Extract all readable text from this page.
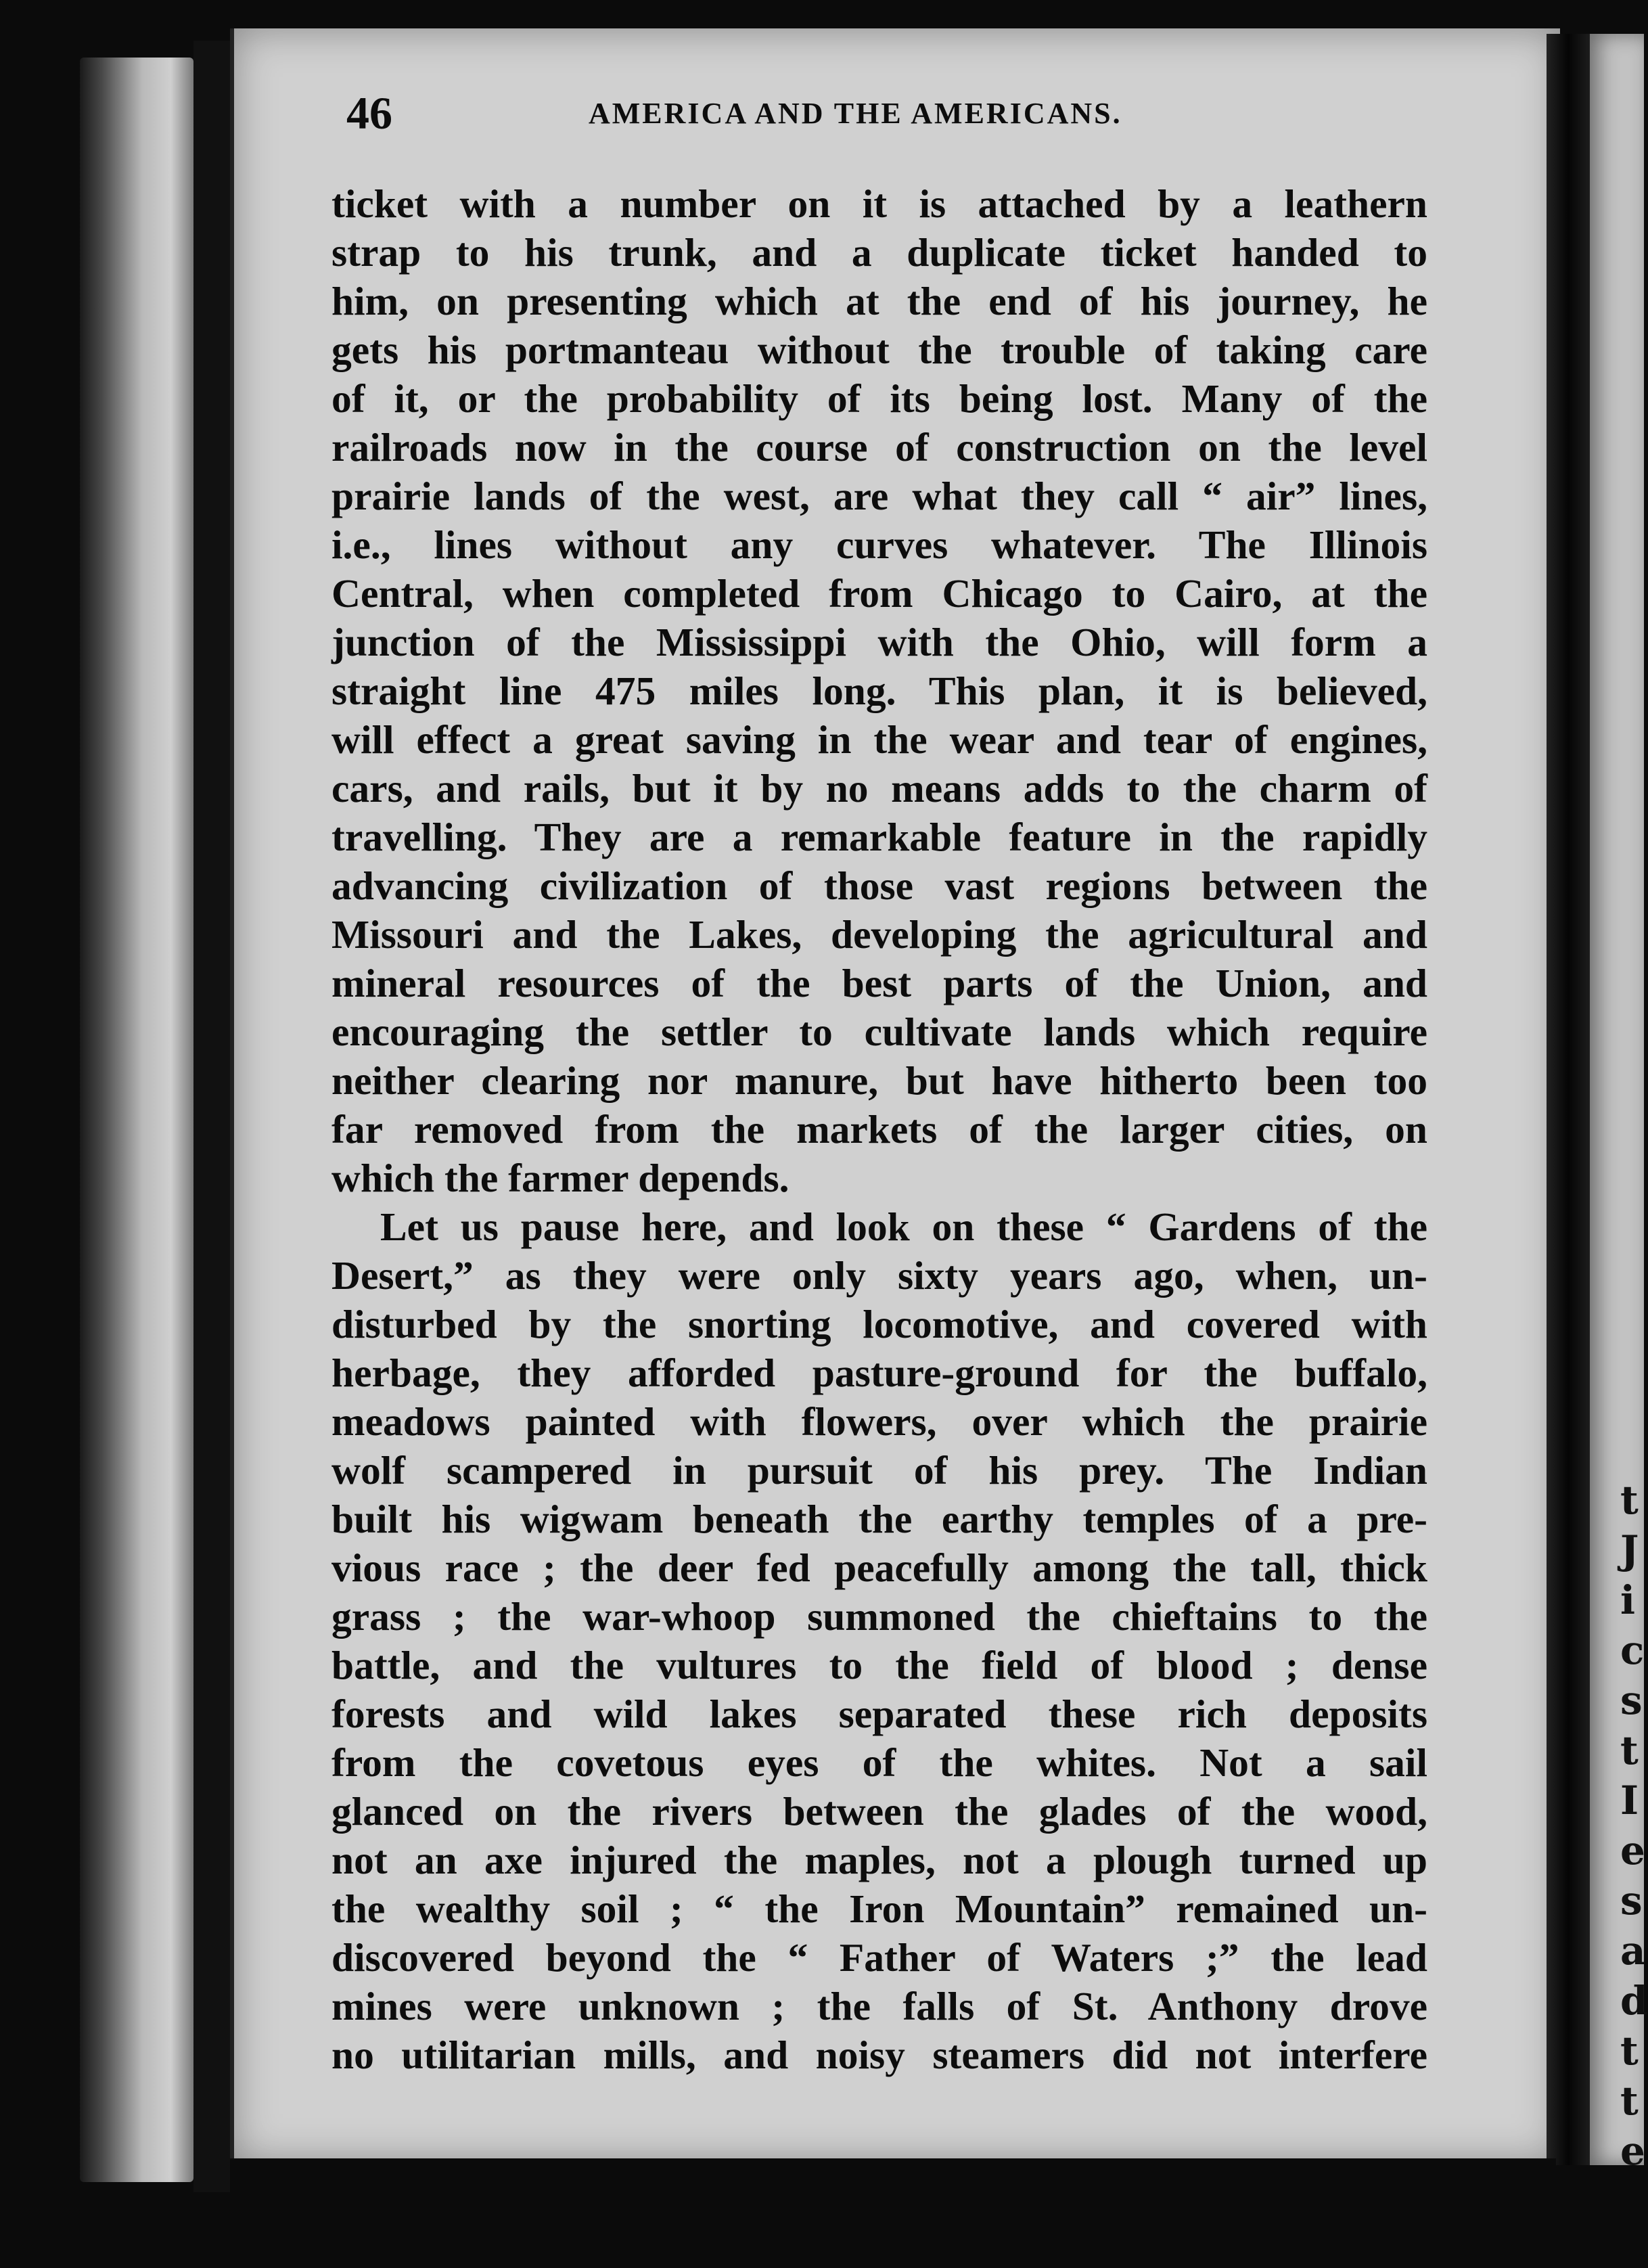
t
J
i
c
s
t
I
e
s
a
d
t
t
e
46	AMERICA AND THE AMERICANS.
ticket with a number on it is attached by a leathern
strap to his trunk, and a duplicate ticket handed to
him, on presenting which at the end of his journey, he
gets his portmanteau without the trouble of taking care
of it, or the probability of its being lost. Many of the
railroads now in the course of construction on the level
prairie lands of the west, are what they call “ air” lines,
i.e., lines without any curves whatever. The Illinois
Central, when completed from Chicago to Cairo, at the
junction of the Mississippi with the Ohio, will form a
straight line 475 miles long. This plan, it is believed,
will effect a great saving in the wear and tear of engines,
cars, and rails, but it by no means adds to the charm of
travelling. They are a remarkable feature in the rapidly
advancing civilization of those vast regions between the
Missouri and the Lakes, developing the agricultural and
mineral resources of the best parts of the Union, and
encouraging the settler to cultivate lands which require
neither clearing nor manure, but have hitherto been too
far removed from the markets of the larger cities, on
which the farmer depends.
Let us pause here, and look on these “ Gardens of the
Desert,” as they were only sixty years ago, when, un-
disturbed by the snorting locomotive, and covered with
herbage, they afforded pasture-ground for the buffalo,
meadows painted with flowers, over which the prairie
wolf scampered in pursuit of his prey. The Indian
built his wigwam beneath the earthy temples of a pre-
vious race ; the deer fed peacefully among the tall, thick
grass ; the war-whoop summoned the chieftains to the
battle, and the vultures to the field of blood ; dense
forests and wild lakes separated these rich deposits
from the covetous eyes of the whites. Not a sail
glanced on the rivers between the glades of the wood,
not an axe injured the maples, not a plough turned up
the wealthy soil ; “ the Iron Mountain” remained un-
discovered beyond the “ Father of Waters ;” the lead
mines were unknown ; the falls of St. Anthony drove
no utilitarian mills, and noisy steamers did not interfere
